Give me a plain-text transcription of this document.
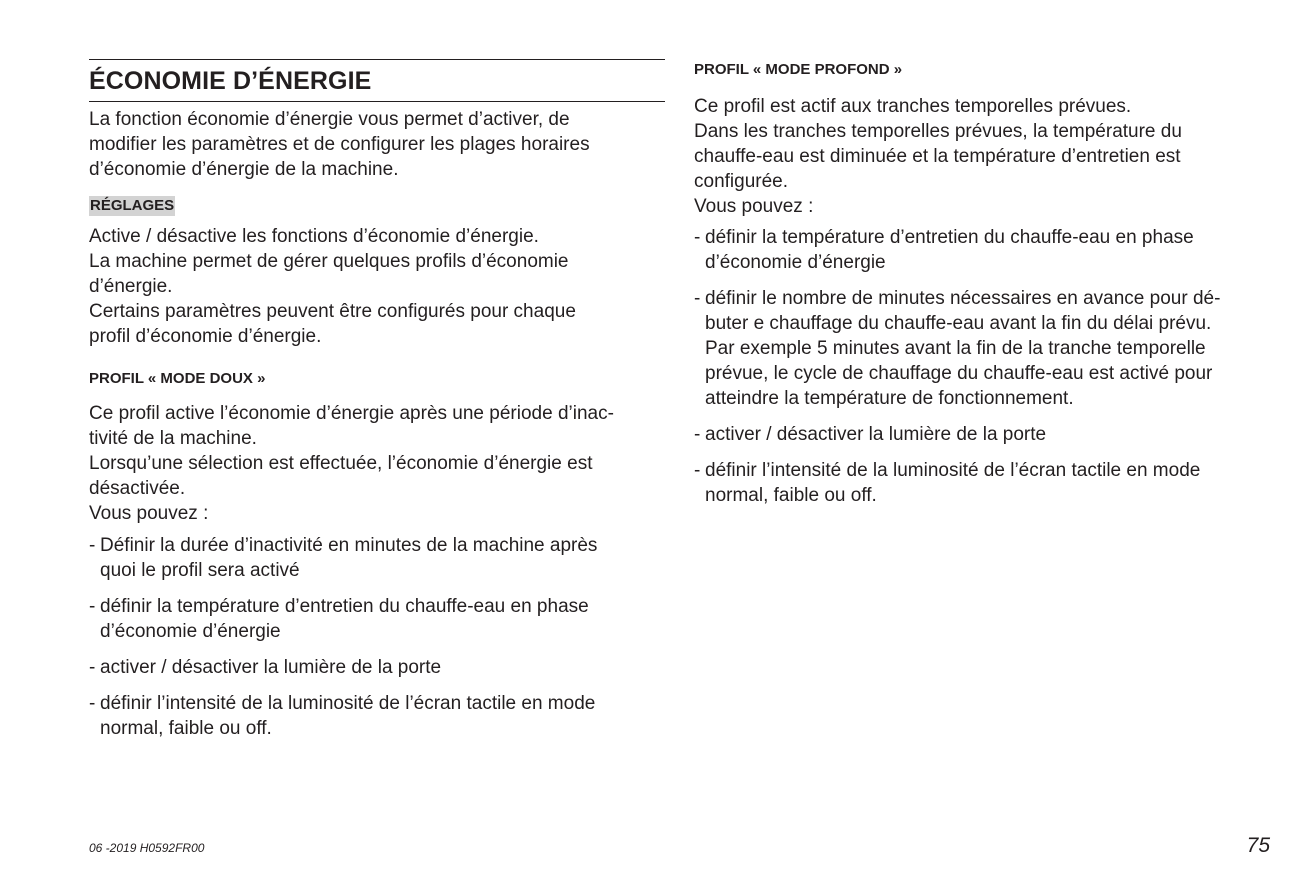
ÉCONOMIE D’ÉNERGIE

La fonction économie d’énergie vous permet d’activer, de
modifier les paramètres et de configurer les plages horaires
d’économie d’énergie de la machine.

RÉGLAGES

Active / désactive les fonctions d’économie d’énergie.
La machine permet de gérer quelques profils d’économie
d’énergie.
Certains paramètres peuvent être configurés pour chaque
profil d’économie d’énergie.

PROFIL « MODE DOUX »

Ce profil active l’économie d’énergie après une période d’inac-
tivité de la machine.
Lorsqu’une sélection est effectuée, l’économie d’énergie est
désactivée.
Vous pouvez :

- Définir la durée d’inactivité en minutes de la machine après
quoi le profil sera activé
- définir la température d’entretien du chauffe-eau en phase
d’économie d’énergie
- activer / désactiver la lumière de la porte
- définir l’intensité de la luminosité de l’écran tactile en mode
normal, faible ou off.
PROFIL « MODE PROFOND »

Ce profil est actif aux tranches temporelles prévues.
Dans les tranches temporelles prévues, la température du
chauffe-eau est diminuée et la température d’entretien est
configurée.
Vous pouvez :

- définir la température d’entretien du chauffe-eau en phase
d’économie d’énergie
- définir le nombre de minutes nécessaires en avance pour dé-
buter e chauffage du chauffe-eau avant la fin du délai prévu.
Par exemple 5 minutes avant la fin de la tranche temporelle
prévue, le cycle de chauffage du chauffe-eau est activé pour
atteindre la température de fonctionnement.
- activer / désactiver la lumière de la porte
- définir l’intensité de la luminosité de l’écran tactile en mode
normal, faible ou off.

06 -2019 H0592FR00	75
